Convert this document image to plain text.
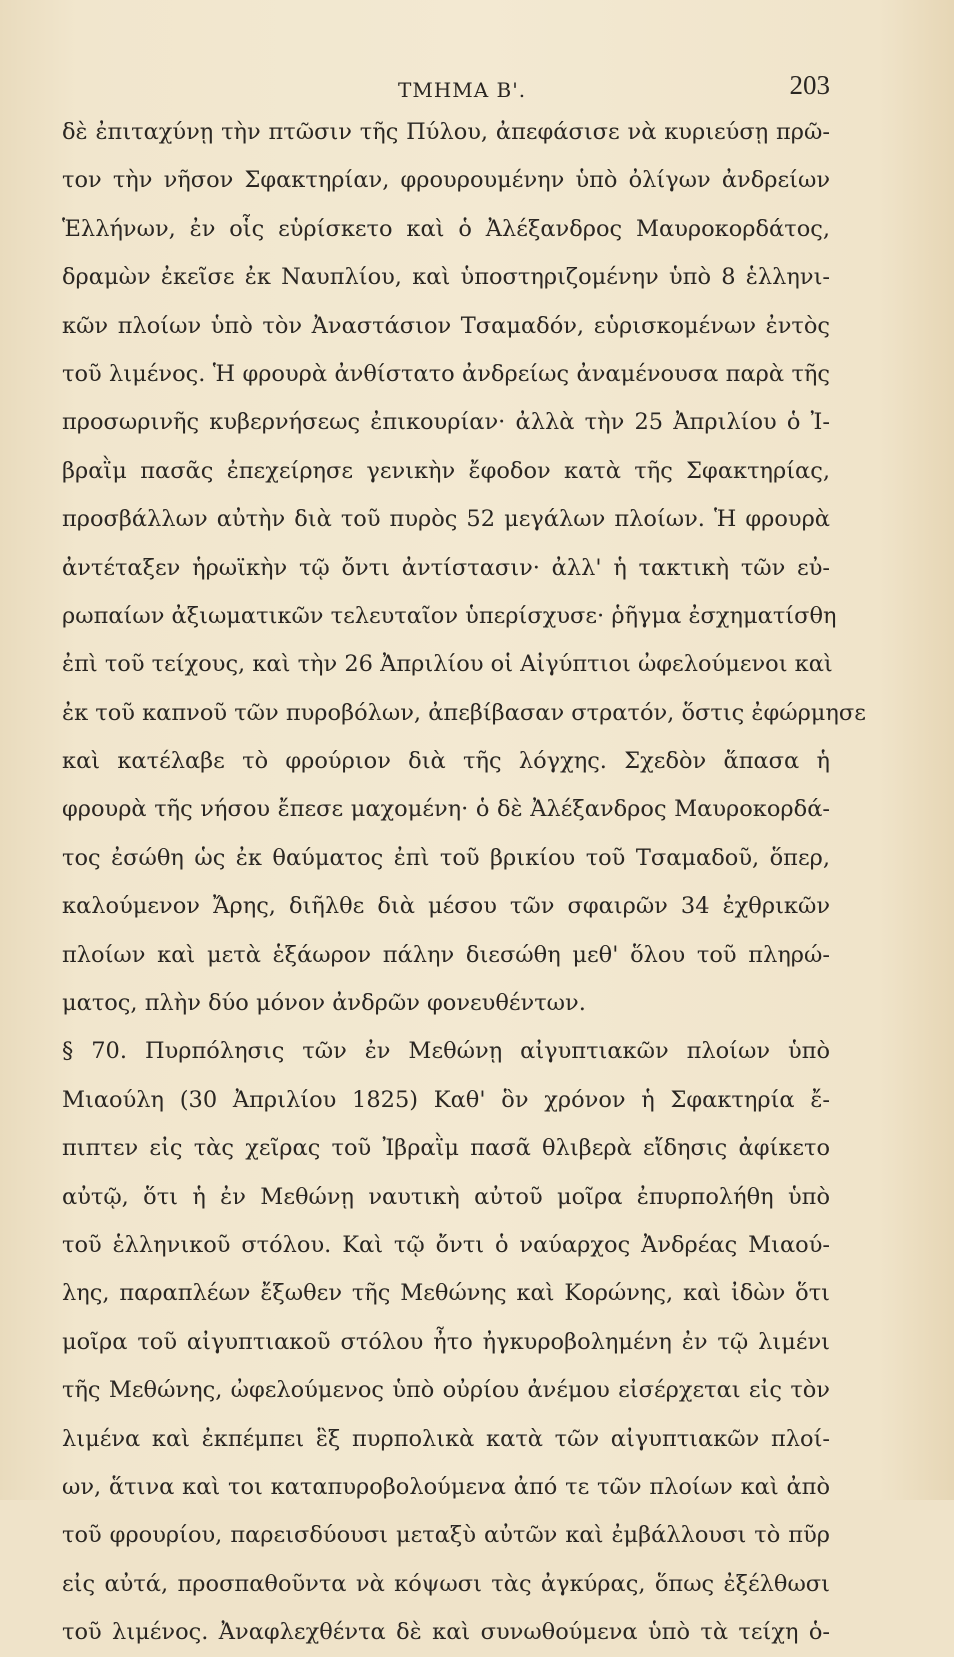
ΤΜΗΜΑ Β'.	203
δὲ ἐπιταχύνῃ τὴν πτῶσιν τῆς Πύλου, ἀπεφάσισε νὰ κυριεύσῃ πρῶ-
τον τὴν νῆσον Σφακτηρίαν, φρουρουμένην ὑπὸ ὀλίγων ἀνδρείων
Ἑλλήνων, ἐν οἷς εὑρίσκετο καὶ ὁ Ἀλέξανδρος Μαυροκορδάτος,
δραμὼν ἐκεῖσε ἐκ Ναυπλίου, καὶ ὑποστηριζομένην ὑπὸ 8 ἑλληνι-
κῶν πλοίων ὑπὸ τὸν Ἀναστάσιον Τσαμαδόν, εὑρισκομένων ἐντὸς
τοῦ λιμένος. Ἡ φρουρὰ ἀνθίστατο ἀνδρείως ἀναμένουσα παρὰ τῆς
προσωρινῆς κυβερνήσεως ἐπικουρίαν· ἀλλὰ τὴν 25 Ἀπριλίου ὁ Ἰ-
βραῒμ πασᾶς ἐπεχείρησε γενικὴν ἔφοδον κατὰ τῆς Σφακτηρίας,
προσβάλλων αὐτὴν διὰ τοῦ πυρὸς 52 μεγάλων πλοίων. Ἡ φρουρὰ
ἀντέταξεν ἡρωϊκὴν τῷ ὄντι ἀντίστασιν· ἀλλ' ἡ τακτικὴ τῶν εὐ-
ρωπαίων ἀξιωματικῶν τελευταῖον ὑπερίσχυσε· ῥῆγμα ἐσχηματίσθη
ἐπὶ τοῦ τείχους, καὶ τὴν 26 Ἀπριλίου οἱ Αἰγύπτιοι ὠφελούμενοι καὶ
ἐκ τοῦ καπνοῦ τῶν πυροβόλων, ἀπεβίβασαν στρατόν, ὅστις ἐφώρμησε
καὶ κατέλαβε τὸ φρούριον διὰ τῆς λόγχης. Σχεδὸν ἅπασα ἡ
φρουρὰ τῆς νήσου ἔπεσε μαχομένη· ὁ δὲ Ἀλέξανδρος Μαυροκορδά-
τος ἐσώθη ὡς ἐκ θαύματος ἐπὶ τοῦ βρικίου τοῦ Τσαμαδοῦ, ὅπερ,
καλούμενον Ἄρης, διῆλθε διὰ μέσου τῶν σφαιρῶν 34 ἐχθρικῶν
πλοίων καὶ μετὰ ἑξάωρον πάλην διεσώθη μεθ' ὅλου τοῦ πληρώ-
ματος, πλὴν δύο μόνον ἀνδρῶν φονευθέντων.
§ 70. Πυρπόλησις τῶν ἐν Μεθώνῃ αἰγυπτιακῶν πλοίων ὑπὸ
Μιαούλη (30 Ἀπριλίου 1825) Καθ' ὃν χρόνον ἡ Σφακτηρία ἔ-
πιπτεν εἰς τὰς χεῖρας τοῦ Ἰβραῒμ πασᾶ θλιβερὰ εἴδησις ἀφίκετο
αὐτῷ, ὅτι ἡ ἐν Μεθώνῃ ναυτικὴ αὐτοῦ μοῖρα ἐπυρπολήθη ὑπὸ
τοῦ ἑλληνικοῦ στόλου. Καὶ τῷ ὄντι ὁ ναύαρχος Ἀνδρέας Μιαού-
λης, παραπλέων ἔξωθεν τῆς Μεθώνης καὶ Κορώνης, καὶ ἰδὼν ὅτι
μοῖρα τοῦ αἰγυπτιακοῦ στόλου ἦτο ἠγκυροβολημένη ἐν τῷ λιμένι
τῆς Μεθώνης, ὠφελούμενος ὑπὸ οὐρίου ἀνέμου εἰσέρχεται εἰς τὸν
λιμένα καὶ ἐκπέμπει ἓξ πυρπολικὰ κατὰ τῶν αἰγυπτιακῶν πλοί-
ων, ἅτινα καὶ τοι καταπυροβολούμενα ἀπό τε τῶν πλοίων καὶ ἀπὸ
τοῦ φρουρίου, παρεισδύουσι μεταξὺ αὐτῶν καὶ ἐμβάλλουσι τὸ πῦρ
εἰς αὐτά, προσπαθοῦντα νὰ κόψωσι τὰς ἀγκύρας, ὅπως ἐξέλθωσι
τοῦ λιμένος. Ἀναφλεχθέντα δὲ καὶ συνωθούμενα ὑπὸ τὰ τείχη ὁ-
